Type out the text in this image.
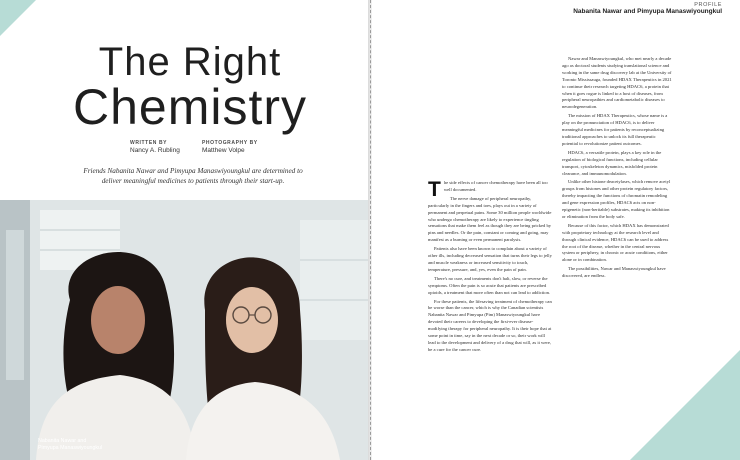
The Right
Chemistry
WRITTEN BY
Nancy A. Rubling
PHOTOGRAPHY BY
Matthew Volpe
Friends Nabanita Nawar and Pimyupa Manaswiyoungkul are determined to deliver meaningful medicines to patients through their start-up.
Nabanita Nawar and
Pimyupa Manaswiyoungkul
PROFILE
Nabanita Nawar and Pimyupa Manaswiyoungkul

The side effects of cancer chemotherapy have been all too well documented.

The nerve damage of peripheral neuropathy, particularly in the fingers and toes, plays out in a variety of permanent and perpetual pains. Some 30 million people worldwide who undergo chemotherapy are likely to experience tingling sensations that make them feel as though they are being pricked by pins and needles. Or the pain, constant or coming and going, may manifest as a burning or even permanent paralysis.

Patients also have been known to complain about a variety of other ills, including decreased sensation that turns their legs to jelly and muscle weakness or increased sensitivity to touch, temperature, pressure, and, yes, even the pain of pain.

There's no cure, and treatments don't halt, slow, or reverse the symptoms. Often the pain is so acute that patients are prescribed opioids, a treatment that more often than not can lead to addiction.

For these patients, the lifesaving treatment of chemotherapy can be worse than the cancer, which is why the Canadian scientists Nabanita Nawar and Pimyupa (Pim) Manaswiyoungkul have devoted their careers to developing the first-ever disease-modifying therapy for peripheral neuropathy. It is their hope that at some point in time, say in the next decade or so, their work will lead to the development and delivery of a drug that will, as it were, be a cure for the cancer cure.

Nawar and Manaswiyoungkul, who met nearly a decade ago as doctoral students studying translational science and working in the same drug discovery lab at the University of Toronto Mississauga, founded HDAX Therapeutics in 2021 to continue their research targeting HDAC6, a protein that when it goes rogue is linked to a host of diseases, from peripheral neuropathies and cardiometabolic diseases to neurodegeneration.

The mission of HDAX Therapeutics, whose name is a play on the pronunciation of HDAC6, is to deliver meaningful medicines for patients by reconceptualizing traditional approaches to unlock its full therapeutic potential to revolutionize patient outcomes.

HDAC6, a versatile protein, plays a key role in the regulation of biological functions, including cellular transport, cytoskeleton dynamics, misfolded protein clearance, and immunomodulation.

Unlike other histone deacetylases, which remove acetyl groups from histones and other protein regulatory factors, thereby impacting the functions of chromatin remodeling and gene expression profiles, HDAC6 acts on non-epigenetic (non-heritable) substrates, making its inhibition or elimination from the body safe.

Because of this factor, which HDAX has demonstrated with proprietary technology at the research level and through clinical evidence, HDAC6 can be used to address the root of the disease, whether in the central nervous system or periphery, in chronic or acute conditions, either alone or in combination.

The possibilities, Nawar and Manaswiyoungkul have discovered, are endless.
